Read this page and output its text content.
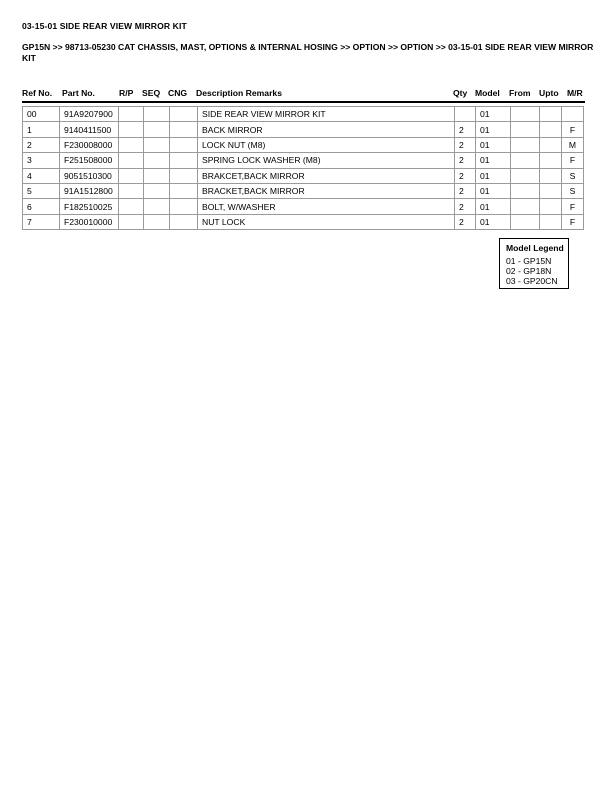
03-15-01 SIDE REAR VIEW MIRROR KIT
GP15N >> 98713-05230 CAT CHASSIS, MAST, OPTIONS & INTERNAL HOSING >> OPTION >> OPTION >> 03-15-01 SIDE REAR VIEW MIRROR KIT
Ref No. Part No.	R/P SEQ CNG Description Remarks	Qty Model From Upto M/R
00	91A9207900				SIDE REAR VIEW MIRROR KIT		01			
1	9140411500				BACK MIRROR	2	01			F
2	F230008000				LOCK NUT (M8)	2	01			M
3	F251508000				SPRING LOCK WASHER (M8)	2	01			F
4	9051510300				BRAKCET,BACK MIRROR	2	01			S
5	91A1512800				BRACKET,BACK MIRROR	2	01			S
6	F182510025				BOLT, W/WASHER	2	01			F
7	F230010000				NUT LOCK	2	01			F
Model Legend
01 - GP15N
02 - GP18N
03 - GP20CN
